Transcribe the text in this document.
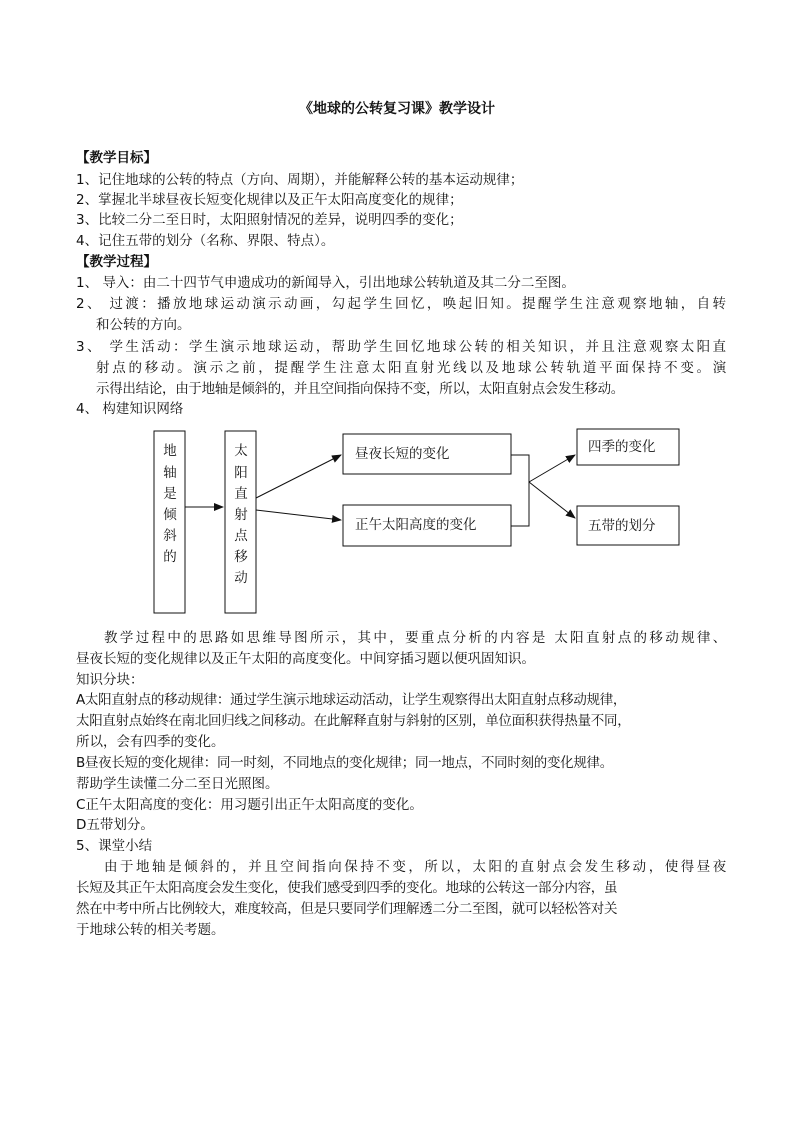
《地球的公转复习课》教学设计
【教学目标】
1、记住地球的公转的特点（方向、周期），并能解释公转的基本运动规律；
2、掌握北半球昼夜长短变化规律以及正午太阳高度变化的规律；
3、比较二分二至日时，太阳照射情况的差异，说明四季的变化；
4、记住五带的划分（名称、界限、特点）。
【教学过程】
1、 导入：由二十四节气申遗成功的新闻导入，引出地球公转轨道及其二分二至图。
2、 过渡：播放地球运动演示动画，勾起学生回忆，唤起旧知。提醒学生注意观察地轴，自转
和公转的方向。
3、 学生活动：学生演示地球运动，帮助学生回忆地球公转的相关知识，并且注意观察太阳直
射点的移动。演示之前，提醒学生注意太阳直射光线以及地球公转轨道平面保持不变。演
示得出结论，由于地轴是倾斜的，并且空间指向保持不变，所以，太阳直射点会发生移动。
4、 构建知识网络
地
轴
是
倾
斜
的
太
阳
直
射
点
移
动
昼夜长短的变化
正午太阳高度的变化
四季的变化
五带的划分
教学过程中的思路如思维导图所示，其中，要重点分析的内容是 太阳直射点的移动规律、
昼夜长短的变化规律以及正午太阳的高度变化。中间穿插习题以便巩固知识。
知识分块：
A太阳直射点的移动规律：通过学生演示地球运动活动，让学生观察得出太阳直射点移动规律，
太阳直射点始终在南北回归线之间移动。在此解释直射与斜射的区别，单位面积获得热量不同，
所以，会有四季的变化。
B昼夜长短的变化规律：同一时刻，不同地点的变化规律；同一地点，不同时刻的变化规律。
帮助学生读懂二分二至日光照图。
C正午太阳高度的变化：用习题引出正午太阳高度的变化。
D五带划分。
5、课堂小结
由于地轴是倾斜的，并且空间指向保持不变，所以，太阳的直射点会发生移动，使得昼夜
长短及其正午太阳高度会发生变化，使我们感受到四季的变化。地球的公转这一部分内容，虽
然在中考中所占比例较大，难度较高，但是只要同学们理解透二分二至图，就可以轻松答对关
于地球公转的相关考题。
